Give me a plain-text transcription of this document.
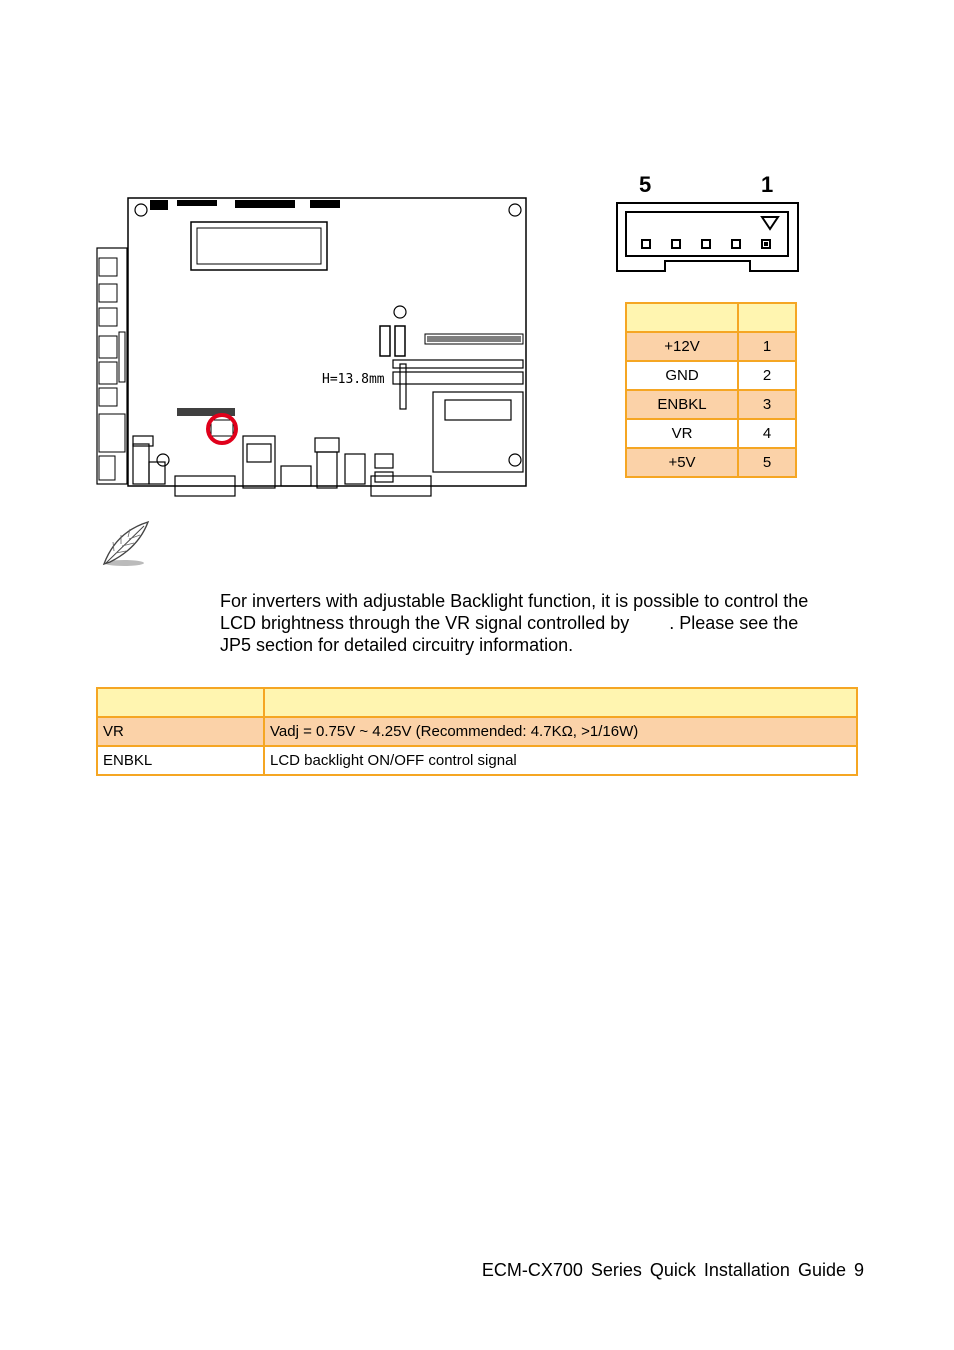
H=13.8mm
5	1

+12V	1
GND	2
ENBKL	3
VR	4
+5V	5
For inverters with adjustable Backlight function, it is possible to control the
LCD brightness through the VR signal controlled by        . Please see the
JP5 section for detailed circuitry information.

VR	Vadj = 0.75V ~ 4.25V (Recommended: 4.7KΩ, >1/16W)
ENBKL	LCD backlight ON/OFF control signal
ECM-CX700 Series Quick Installation Guide 9
